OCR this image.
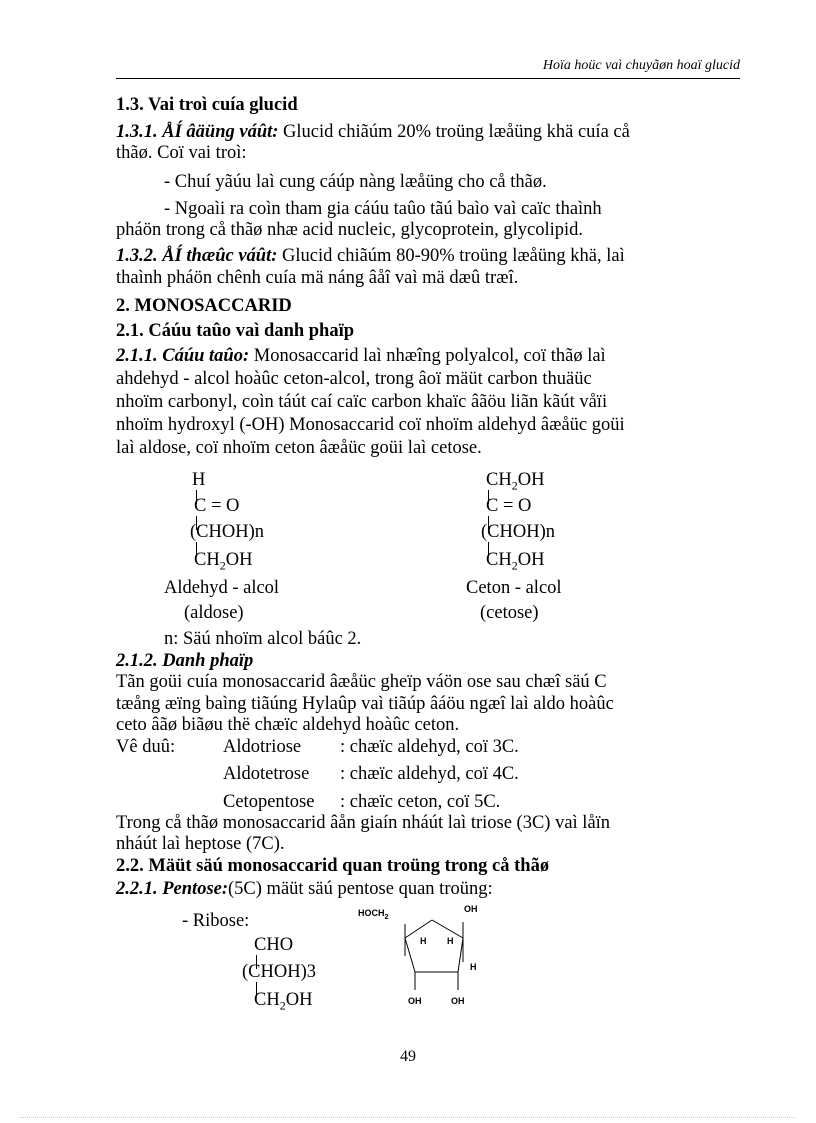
Hoïa hoüc vaì chuyãøn hoaï glucid
1.3. Vai troì cuía glucid
1.3.1. ÅÍ âäüng váût: Glucid chiãúm 20% troüng læåüng khä cuía cå
thãø. Coï vai troì:
- Chuí yãúu laì cung cáúp nàng læåüng cho cå thãø.
- Ngoaìi ra coìn tham gia cáúu taûo tãú baìo vaì caïc thaình
pháön trong cå thãø nhæ acid nucleic, glycoprotein, glycolipid.
1.3.2. ÅÍ thæûc váût: Glucid chiãúm 80-90% troüng læåüng khä, laì
thaình pháön chênh cuía mä náng âåî vaì mä dæû træî.
2. MONOSACCARID
2.1. Cáúu taûo vaì danh phaïp
2.1.1. Cáúu taûo: Monosaccarid laì nhæîng polyalcol, coï thãø laì
ahdehyd - alcol hoàûc ceton-alcol, trong âoï mäüt carbon thuäüc
nhoïm carbonyl, coìn táút caí caïc carbon khaïc âãöu liãn kãút våïi
nhoïm hydroxyl (-OH) Monosaccarid coï nhoïm aldehyd âæåüc goüi
laì aldose, coï nhoïm ceton âæåüc goüi laì cetose.
H
C = O
(CHOH)n
$CH_2OH$
Aldehyd - alcol
(aldose)
$CH_2OH$
C = O
(CHOH)n
$CH_2OH$
Ceton - alcol
(cetose)
n: Säú nhoïm alcol báûc 2.
2.1.2. Danh phaïp
Tãn goüi cuía monosaccarid âæåüc gheïp váön ose sau chæî säú C
tæång æïng baìng tiãúng Hylaûp vaì tiãúp âáöu ngæî laì aldo hoàûc
ceto âãø biãøu thë chæïc aldehyd hoàûc ceton.
Vê duû:	Aldotriose : chæïc aldehyd, coï 3C.
Aldotetrose : chæïc aldehyd, coï 4C.
Cetopentose : chæïc ceton, coï 5C.
Trong cå thãø monosaccarid âån giaín nháút laì triose (3C) vaì låïn
nháút laì heptose (7C).
2.2. Mäüt säú monosaccarid quan troüng trong cå thãø
2.2.1. Pentose:(5C) mäüt säú pentose quan troüng:
- Ribose:
CHO
(CHOH)3
$CH_2OH$
$HOCH_2$
OH
H H
H
OH	OH
49
